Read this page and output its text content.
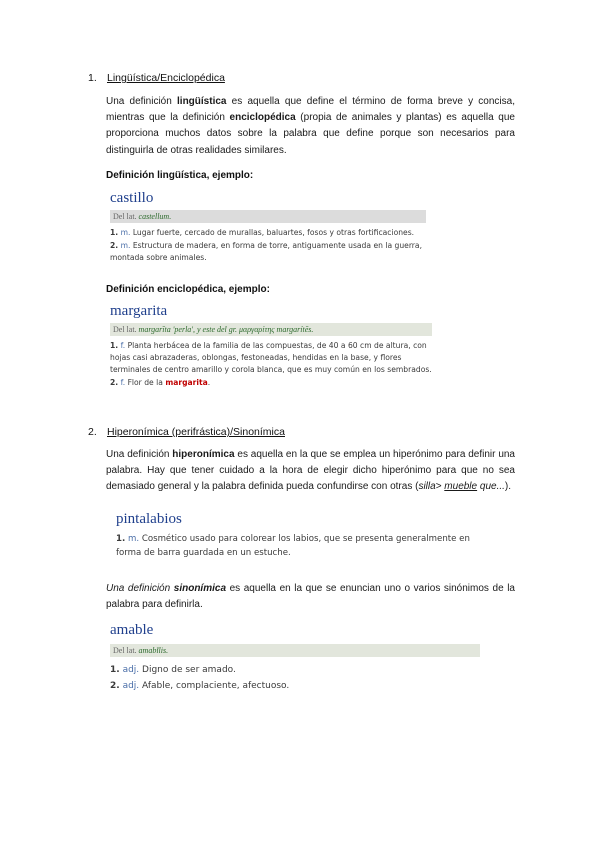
1. Lingüística/Enciclopédica
Una definición lingüística es aquella que define el término de forma breve y concisa, mientras que la definición enciclopédica (propia de animales y plantas) es aquella que proporciona muchos datos sobre la palabra que define porque son necesarios para distinguirla de otras realidades similares.
Definición lingüística, ejemplo:
castillo
Del lat. castellum.

1. m. Lugar fuerte, cercado de murallas, baluartes, fosos y otras fortificaciones.

2. m. Estructura de madera, en forma de torre, antiguamente usada en la guerra, montada sobre animales.

Definición enciclopédica, ejemplo:
margarita
Del lat. margarīta 'perla', y este del gr. μαργαρίτης margarítēs.

1. f. Planta herbácea de la familia de las compuestas, de 40 a 60 cm de altura, con hojas casi abrazaderas, oblongas, festoneadas, hendidas en la base, y flores terminales de centro amarillo y corola blanca, que es muy común en los sembrados.

2. f. Flor de la margarita.

2. Hiperonímica (perifrástica)/Sinonímica
Una definición hiperonímica es aquella en la que se emplea un hiperónimo para definir una palabra. Hay que tener cuidado a la hora de elegir dicho hiperónimo para que no sea demasiado general y la palabra definida pueda confundirse con otras (silla> mueble que...).
pintalabios

1. m. Cosmético usado para colorear los labios, que se presenta generalmente en forma de barra guardada en un estuche.

Una definición sinonímica es aquella en la que se enuncian uno o varios sinónimos de la palabra para definirla.
amable
Del lat. amabĭlis.

1. adj. Digno de ser amado.

2. adj. Afable, complaciente, afectuoso.
